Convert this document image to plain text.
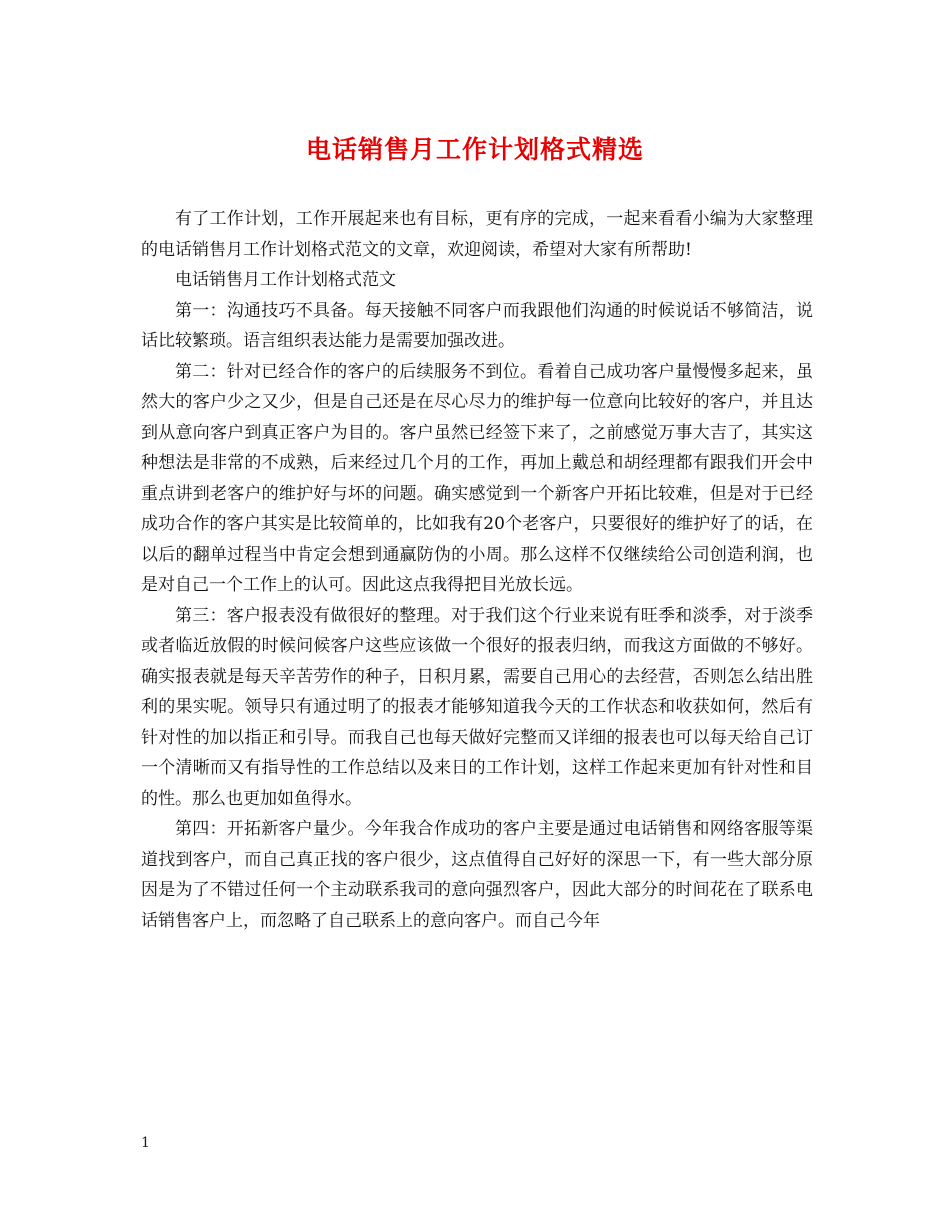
电话销售月工作计划格式精选

有了工作计划，工作开展起来也有目标，更有序的完成，一起来看看小编为大家整理的电话销售月工作计划格式范文的文章，欢迎阅读，希望对大家有所帮助!

电话销售月工作计划格式范文

第一：沟通技巧不具备。每天接触不同客户而我跟他们沟通的时候说话不够简洁，说话比较繁琐。语言组织表达能力是需要加强改进。

第二：针对已经合作的客户的后续服务不到位。看着自己成功客户量慢慢多起来，虽然大的客户少之又少，但是自己还是在尽心尽力的维护每一位意向比较好的客户，并且达到从意向客户到真正客户为目的。客户虽然已经签下来了，之前感觉万事大吉了，其实这种想法是非常的不成熟，后来经过几个月的工作，再加上戴总和胡经理都有跟我们开会中重点讲到老客户的维护好与坏的问题。确实感觉到一个新客户开拓比较难，但是对于已经成功合作的客户其实是比较简单的，比如我有20个老客户，只要很好的维护好了的话，在以后的翻单过程当中肯定会想到通赢防伪的小周。那么这样不仅继续给公司创造利润，也是对自己一个工作上的认可。因此这点我得把目光放长远。

第三：客户报表没有做很好的整理。对于我们这个行业来说有旺季和淡季，对于淡季或者临近放假的时候问候客户这些应该做一个很好的报表归纳，而我这方面做的不够好。确实报表就是每天辛苦劳作的种子，日积月累，需要自己用心的去经营，否则怎么结出胜利的果实呢。领导只有通过明了的报表才能够知道我今天的工作状态和收获如何，然后有针对性的加以指正和引导。而我自己也每天做好完整而又详细的报表也可以每天给自己订一个清晰而又有指导性的工作总结以及来日的工作计划，这样工作起来更加有针对性和目的性。那么也更加如鱼得水。

第四：开拓新客户量少。今年我合作成功的客户主要是通过电话销售和网络客服等渠道找到客户，而自己真正找的客户很少，这点值得自己好好的深思一下，有一些大部分原因是为了不错过任何一个主动联系我司的意向强烈客户，因此大部分的时间花在了联系电话销售客户上，而忽略了自己联系上的意向客户。而自己今年

1
